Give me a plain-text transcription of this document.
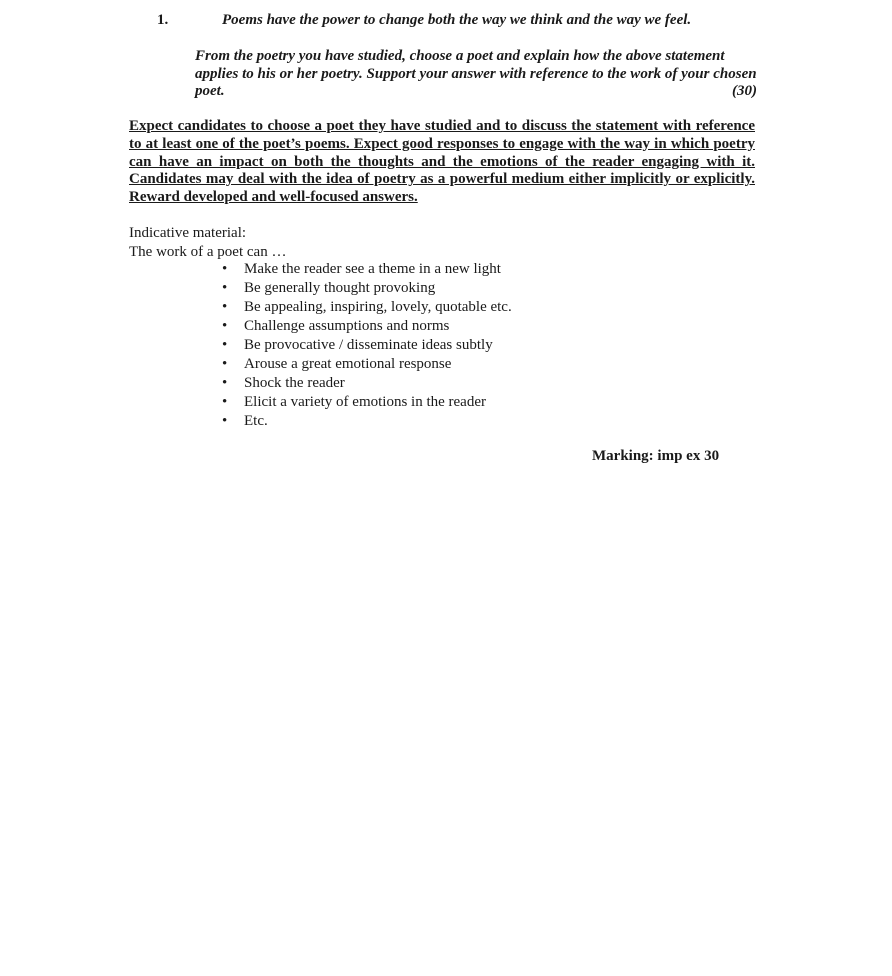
1.	Poems have the power to change both the way we think and the way we feel.
From the poetry you have studied, choose a poet and explain how the above statement applies to his or her poetry. Support your answer with reference to the work of your chosen poet.	(30)
Expect candidates to choose a poet they have studied and to discuss the statement with reference to at least one of the poet’s poems. Expect good responses to engage with the way in which poetry can have an impact on both the thoughts and the emotions of the reader engaging with it. Candidates may deal with the idea of poetry as a powerful medium either implicitly or explicitly. Reward developed and well-focused answers.
Indicative material:
The work of a poet can …
• Make the reader see a theme in a new light
• Be generally thought provoking
• Be appealing, inspiring, lovely, quotable etc.
• Challenge assumptions and norms
• Be provocative / disseminate ideas subtly
• Arouse a great emotional response
• Shock the reader
• Elicit a variety of emotions in the reader
• Etc.
Marking: imp ex 30
